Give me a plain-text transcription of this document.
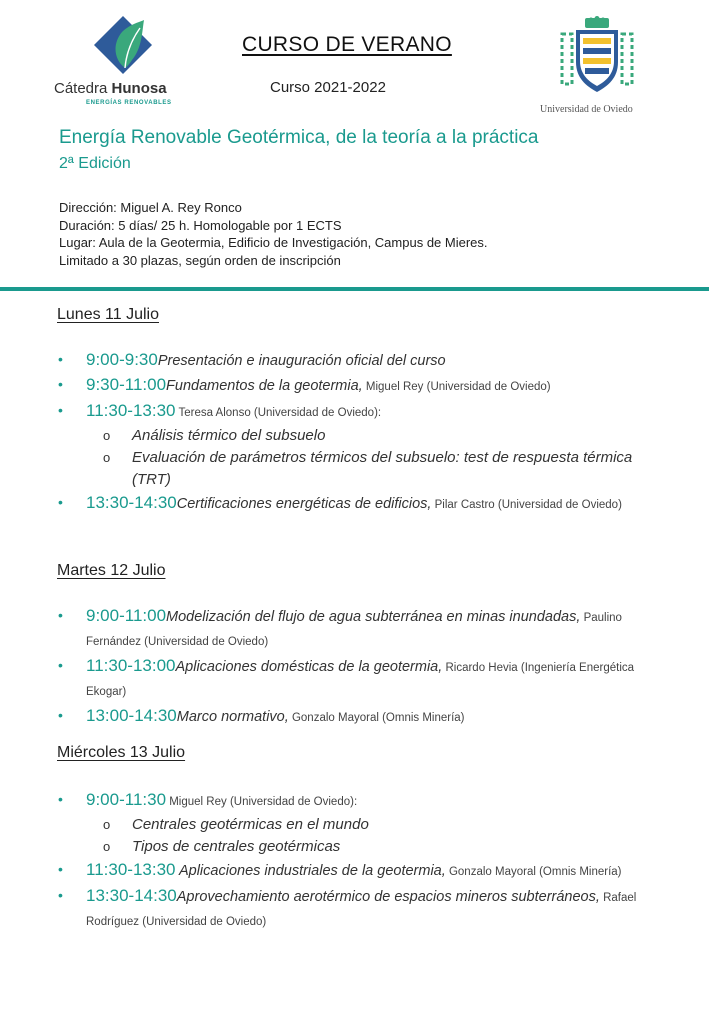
Cátedra Hunosa
ENERGÍAS RENOVABLES
CURSO DE VERANO
Curso 2021-2022
Universidad de Oviedo
Energía Renovable Geotérmica, de la teoría a la práctica
2ª Edición
Dirección: Miguel A. Rey Ronco
Duración: 5 días/ 25 h. Homologable por 1 ECTS
Lugar: Aula de la Geotermia, Edificio de Investigación, Campus de Mieres.
Limitado a 30 plazas, según orden de inscripción
Lunes 11 Julio
• 9:00-9:30Presentación e inauguración oficial del curso
• 9:30-11:00Fundamentos de la geotermia, Miguel Rey (Universidad de Oviedo)
• 11:30-13:30 Teresa Alonso (Universidad de Oviedo):
o Análisis térmico del subsuelo
o Evaluación de parámetros térmicos del subsuelo: test de respuesta térmica (TRT)
• 13:30-14:30Certificaciones energéticas de edificios, Pilar Castro (Universidad de Oviedo)
Martes 12 Julio
• 9:00-11:00Modelización del flujo de agua subterránea en minas inundadas, Paulino Fernández (Universidad de Oviedo)
• 11:30-13:00Aplicaciones domésticas de la geotermia, Ricardo Hevia (Ingeniería Energética Ekogar)
• 13:00-14:30Marco normativo, Gonzalo Mayoral (Omnis Minería)
Miércoles 13 Julio
• 9:00-11:30 Miguel Rey (Universidad de Oviedo):
o Centrales geotérmicas en el mundo
o Tipos de centrales geotérmicas
• 11:30-13:30 Aplicaciones industriales de la geotermia, Gonzalo Mayoral (Omnis Minería)
• 13:30-14:30Aprovechamiento aerotérmico de espacios mineros subterráneos, Rafael Rodríguez (Universidad de Oviedo)
